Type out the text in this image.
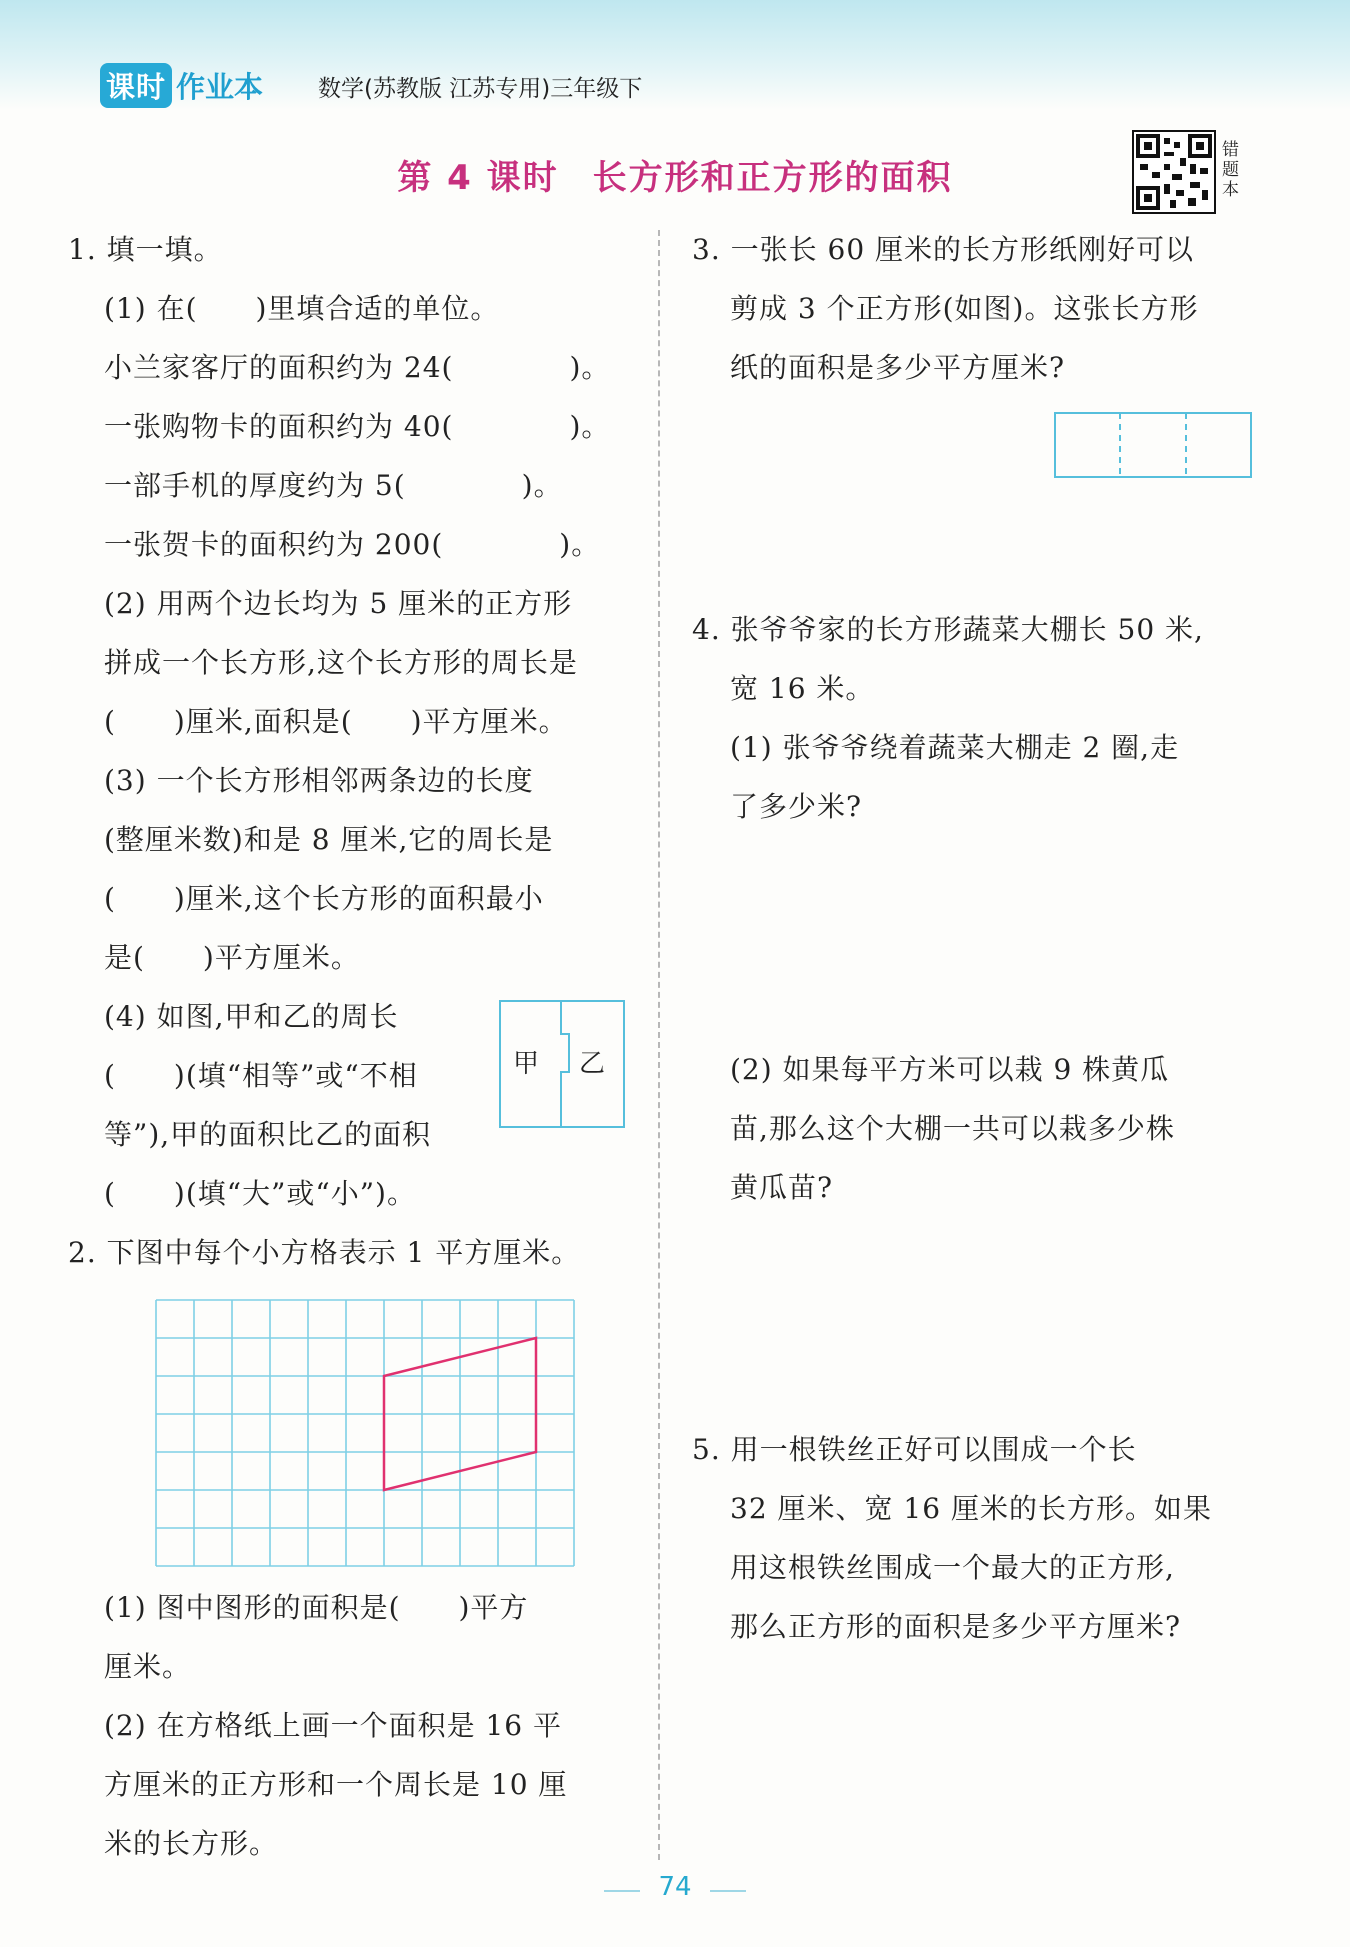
课时 作业本 数学(苏教版 江苏专用)三年级下
第 4 课时 长方形和正方形的面积
错题本
1. 填一填。
(1) 在(　　)里填合适的单位。
小兰家客厅的面积约为 24(　　　　)。
一张购物卡的面积约为 40(　　　　)。
一部手机的厚度约为 5(　　　　)。
一张贺卡的面积约为 200(　　　　)。
(2) 用两个边长均为 5 厘米的正方形
拼成一个长方形,这个长方形的周长是
(　　)厘米,面积是(　　)平方厘米。
(3) 一个长方形相邻两条边的长度
(整厘米数)和是 8 厘米,它的周长是
(　　)厘米,这个长方形的面积最小
是(　　)平方厘米。
(4) 如图,甲和乙的周长
(　　)(填“相等”或“不相
等”),甲的面积比乙的面积
(　　)(填“大”或“小”)。
甲 乙
2. 下图中每个小方格表示 1 平方厘米。
(1) 图中图形的面积是(　　)平方
厘米。
(2) 在方格纸上画一个面积是 16 平
方厘米的正方形和一个周长是 10 厘
米的长方形。
3. 一张长 60 厘米的长方形纸刚好可以
剪成 3 个正方形(如图)。这张长方形
纸的面积是多少平方厘米?
4. 张爷爷家的长方形蔬菜大棚长 50 米,
宽 16 米。
(1) 张爷爷绕着蔬菜大棚走 2 圈,走
了多少米?
(2) 如果每平方米可以栽 9 株黄瓜
苗,那么这个大棚一共可以栽多少株
黄瓜苗?
5. 用一根铁丝正好可以围成一个长
32 厘米、宽 16 厘米的长方形。如果
用这根铁丝围成一个最大的正方形,
那么正方形的面积是多少平方厘米?
74
